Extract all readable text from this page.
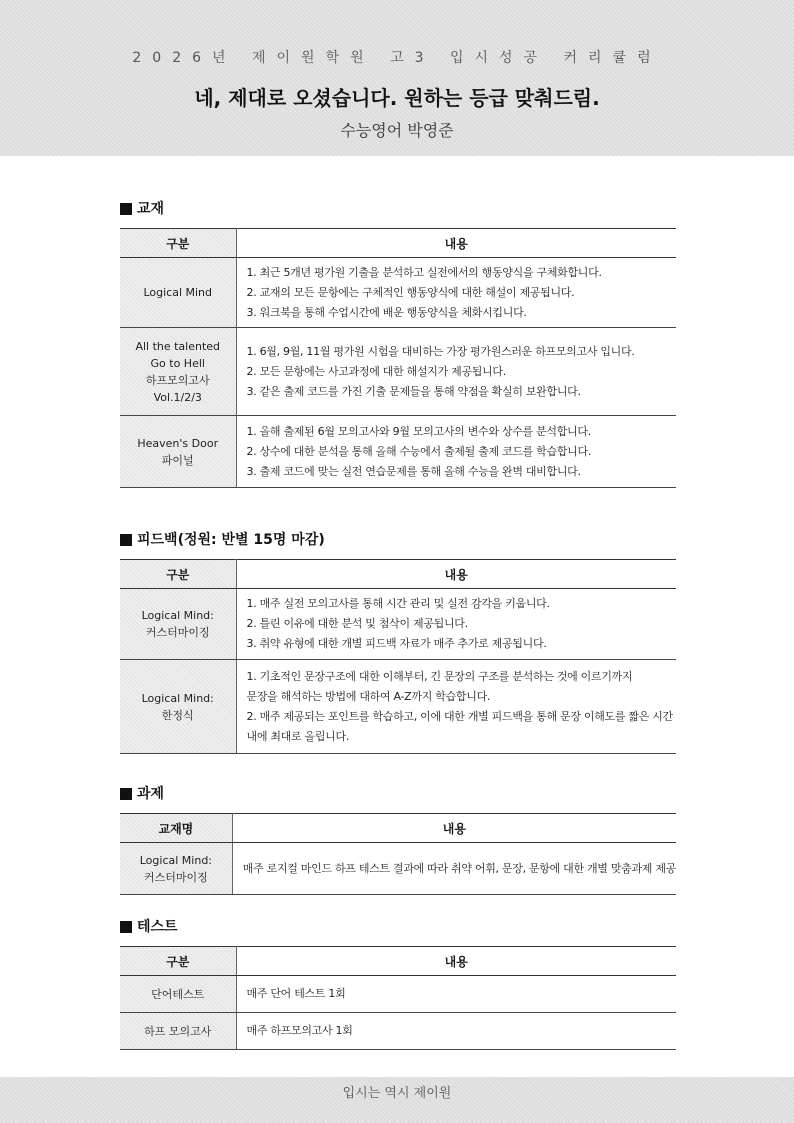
2026년 제이원학원 고3 입시성공 커리큘럼
네, 제대로 오셨습니다. 원하는 등급 맞춰드림.
수능영어 박영준
교재
구분	내용

Logical Mind	1. 최근 5개년 평가원 기출을 분석하고 실전에서의 행동양식을 구체화합니다.
2. 교재의 모든 문항에는 구체적인 행동양식에 대한 해설이 제공됩니다.
3. 워크북을 통해 수업시간에 배운 행동양식을 체화시킵니다.

All the talented
Go to Hell
하프모의고사
Vol.1/2/3	1. 6월, 9월, 11월 평가원 시험을 대비하는 가장 평가원스러운 하프모의고사 입니다.
2. 모든 문항에는 사고과정에 대한 해설지가 제공됩니다.
3. 같은 출제 코드를 가진 기출 문제들을 통해 약점을 확실히 보완합니다.

Heaven's Door
파이널	1. 올해 출제된 6월 모의고사와 9월 모의고사의 변수와 상수를 분석합니다.
2. 상수에 대한 분석을 통해 올해 수능에서 출제될 출제 코드를 학습합니다.
3. 출제 코드에 맞는 실전 연습문제를 통해 올해 수능을 완벽 대비합니다.
피드백(정원: 반별 15명 마감)
구분	내용

Logical Mind:
커스터마이징	1. 매주 실전 모의고사를 통해 시간 관리 및 실전 감각을 키웁니다.
2. 틀린 이유에 대한 분석 및 첨삭이 제공됩니다.
3. 취약 유형에 대한 개별 피드백 자료가 매주 추가로 제공됩니다.

Logical Mind:
한정식	1. 기초적인 문장구조에 대한 이해부터, 긴 문장의 구조를 분석하는 것에 이르기까지
문장을 해석하는 방법에 대하여 A-Z까지 학습합니다.
2. 매주 제공되는 포인트를 학습하고, 이에 대한 개별 피드백을 통해 문장 이해도를 짧은 시간
내에 최대로 올립니다.
과제
교재명	내용

Logical Mind:
커스터마이징	매주 로지컬 마인드 하프 테스트 결과에 따라 취약 어휘, 문장, 문항에 대한 개별 맞춤과제 제공
테스트
구분	내용

단어테스트	매주 단어 테스트 1회

하프 모의고사	매주 하프모의고사 1회
입시는 역시 제이원
